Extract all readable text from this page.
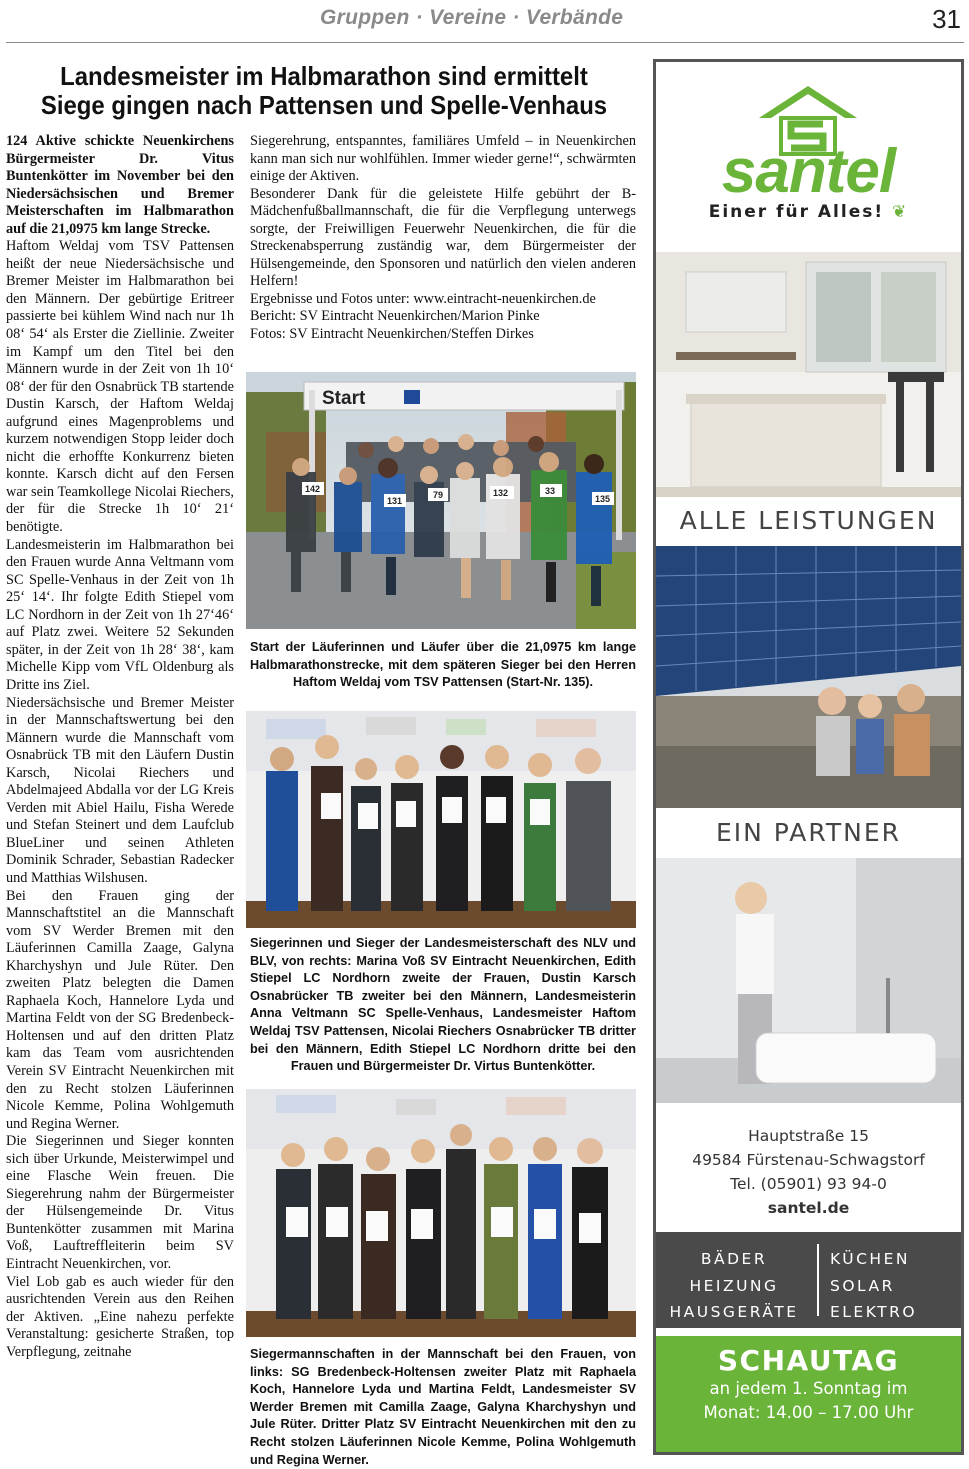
Gruppen · Vereine · Verbände	31
Landesmeister im Halbmarathon sind ermittelt
Siege gingen nach Pattensen und Spelle-Venhaus

124 Aktive schickte Neuenkirchens Bürgermeister Dr. Vitus Buntenkötter im November bei den Niedersächsischen und Bremer Meisterschaften im Halbmarathon auf die 21,0975 km lange Strecke.

Haftom Weldaj vom TSV Pattensen heißt der neue Niedersächsische und Bremer Meister im Halbmarathon bei den Männern. Der gebürtige Eritreer passierte bei kühlem Wind nach nur 1h 08‘ 54‘ als Erster die Ziellinie. Zweiter im Kampf um den Titel bei den Männern wurde in der Zeit von 1h 10‘ 08‘ der für den Osnabrück TB startende Dustin Karsch, der Haftom Weldaj aufgrund eines Magenproblems und kurzem notwendigen Stopp leider doch nicht die erhoffte Konkurrenz bieten konnte. Karsch dicht auf den Fersen war sein Teamkollege Nicolai Riechers, der für die Strecke 1h 10‘ 21‘ benötigte.

Landesmeisterin im Halbmarathon bei den Frauen wurde Anna Veltmann vom SC Spelle-Venhaus in der Zeit von 1h 25‘ 14‘. Ihr folgte Edith Stiepel vom LC Nordhorn in der Zeit von 1h 27‘46‘ auf Platz zwei. Weitere 52 Sekunden später, in der Zeit von 1h 28‘ 38‘, kam Michelle Kipp vom VfL Oldenburg als Dritte ins Ziel.

Niedersächsische und Bremer Meister in der Mannschaftswertung bei den Männern wurde die Mannschaft vom Osnabrück TB mit den Läufern Dustin Karsch, Nicolai Riechers und Abdelmajeed Abdalla vor der LG Kreis Verden mit Abiel Hailu, Fisha Werede und Stefan Steinert und dem Laufclub BlueLiner und seinen Athleten Dominik Schrader, Sebastian Radecker und Matthias Wilshusen.

Bei den Frauen ging der Mannschaftstitel an die Mannschaft vom SV Werder Bremen mit den Läuferinnen Camilla Zaage, Galyna Kharchyshyn und Jule Rüter. Den zweiten Platz belegten die Damen Raphaela Koch, Hannelore Lyda und Martina Feldt von der SG Bredenbeck-Holtensen und auf den dritten Platz kam das Team vom ausrichtenden Verein SV Eintracht Neuenkirchen mit den zu Recht stolzen Läuferinnen Nicole Kemme, Polina Wohlgemuth und Regina Werner.

Die Siegerinnen und Sieger konnten sich über Urkunde, Meisterwimpel und eine Flasche Wein freuen. Die Siegerehrung nahm der Bürgermeister der Hülsengemeinde Dr. Vitus Buntenkötter zusammen mit Marina Voß, Lauftreffleiterin beim SV Eintracht Neuenkirchen, vor.

Viel Lob gab es auch wieder für den ausrichtenden Verein aus den Reihen der Aktiven. „Eine nahezu perfekte Veranstaltung: gesicherte Straßen, top Verpflegung, zeitnahe

Siegerehrung, entspanntes, familiäres Umfeld – in Neuenkirchen kann man sich nur wohlfühlen. Immer wieder gerne!“, schwärmten einige der Aktiven.

Besonderer Dank für die geleistete Hilfe gebührt der B-Mädchenfußballmannschaft, die für die Verpflegung unterwegs sorgte, der Freiwilligen Feuerwehr Neuenkirchen, die für die Streckenabsperrung zuständig war, dem Bürgermeister der Hülsengemeinde, den Sponsoren und natürlich den vielen anderen Helfern!

Ergebnisse und Fotos unter: www.eintracht-neuenkirchen.de

Bericht: SV Eintracht Neuenkirchen/Marion Pinke

Fotos: SV Eintracht Neuenkirchen/Steffen Dirkes

Start
142
131
79	132	33
135
Start der Läuferinnen und Läufer über die 21,0975 km lange Halbmarathonstrecke, mit dem späteren Sieger bei den Herren Haftom Weldaj vom TSV Pattensen (Start-Nr. 135).
Siegerinnen und Sieger der Landesmeisterschaft des NLV und BLV, von rechts: Marina Voß SV Eintracht Neuenkirchen, Edith Stiepel LC Nordhorn zweite der Frauen, Dustin Karsch Osnabrücker TB zweiter bei den Männern, Landesmeisterin Anna Veltmann SC Spelle-Venhaus, Landesmeister Haftom Weldaj TSV Pattensen, Nicolai Riechers Osnabrücker TB dritter bei den Männern, Edith Stiepel LC Nordhorn dritte bei den Frauen und Bürgermeister Dr. Virtus Buntenkötter.
Siegermannschaften in der Mannschaft bei den Frauen, von links: SG Bredenbeck-Holtensen zweiter Platz mit Raphaela Koch, Hannelore Lyda und Martina Feldt, Landesmeister SV Werder Bremen mit Camilla Zaage, Galyna Kharchyshyn und Jule Rüter. Dritter Platz SV Eintracht Neuenkirchen mit den zu Recht stolzen Läuferinnen Nicole Kemme, Polina Wohlgemuth und Regina Werner.
santel
Einer für Alles! ❦
ALLE LEISTUNGEN
EIN PARTNER
Hauptstraße 15
49584 Fürstenau-Schwagstorf
Tel. (05901) 93 94-0
santel.de
BÄDER
HEIZUNG
HAUSGERÄTE
KÜCHEN
SOLAR
ELEKTRO
SCHAUTAG
an jedem 1. Sonntag im
Monat: 14.00 – 17.00 Uhr
